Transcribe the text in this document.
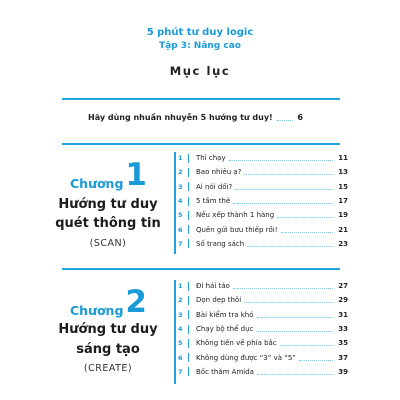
5 phút tư duy logic
Tập 3: Nâng cao
Mục lục
Hãy dùng nhuần nhuyễn 5 hướng tư duy!	6
Chương 1
Hướng tư duy
quét thông tin
(SCAN)
1	Thì chạy	11
2	Bao nhiêu ạ?	13
3	Ai nói dối?	15
4	5 tấm thẻ	17
5	Nếu xếp thành 1 hàng	19
6	Quên gửi bưu thiếp rồi!	21
7	Số trang sách	23
Chương 2
Hướng tư duy
sáng tạo
(CREATE)
1	Đi hái táo	27
2	Dọn dẹp thôi	29
3	Bài kiểm tra khó	31
4	Chạy bộ thể dục	33
5	Không tiến về phía bắc	35
6	Không dùng được “3” và “5”	37
7	Bốc thăm Amida	39
